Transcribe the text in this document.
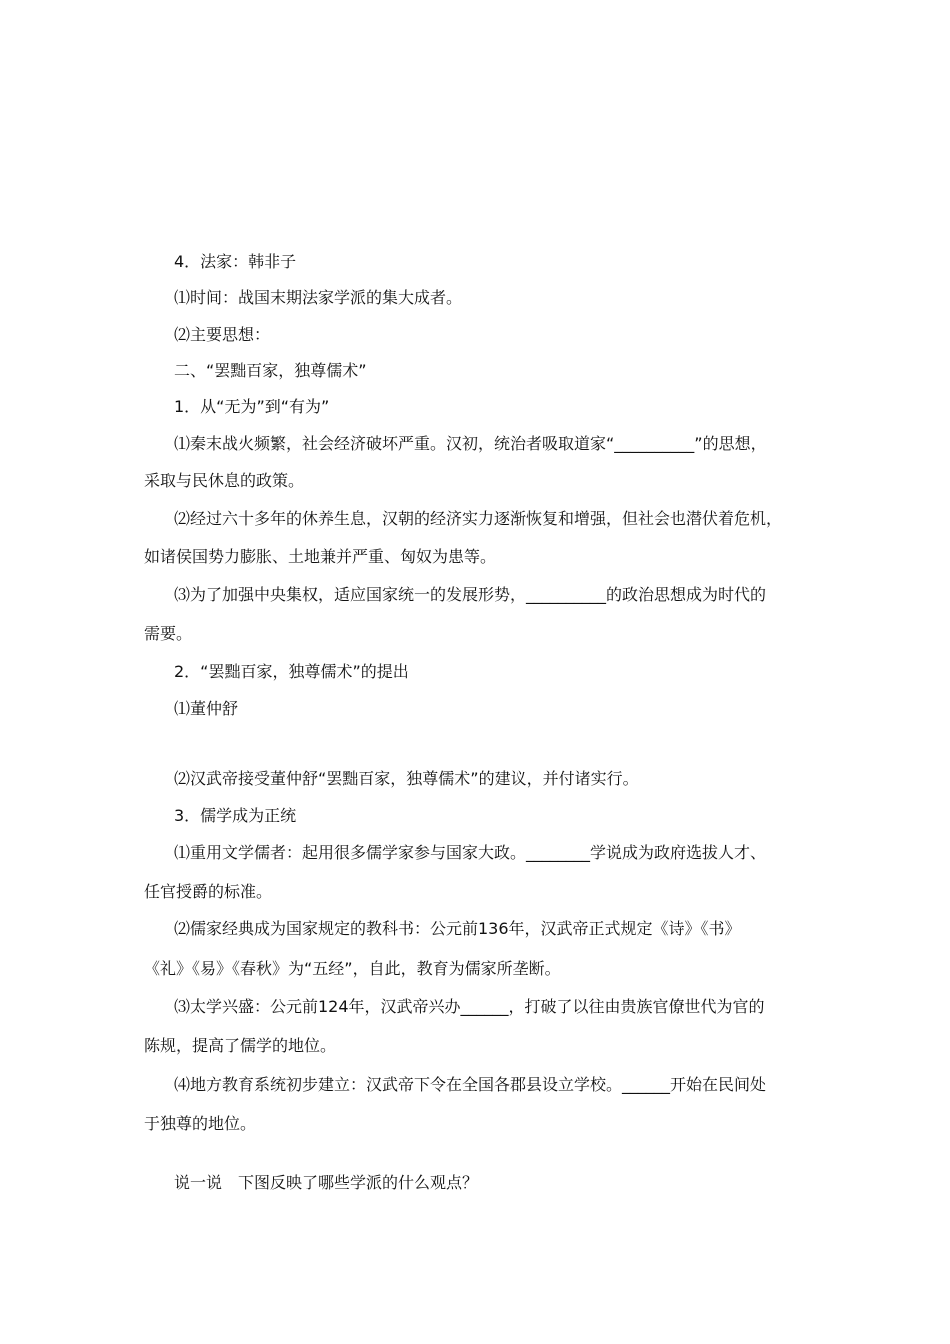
4．法家：韩非子
⑴时间：战国末期法家学派的集大成者。
⑵主要思想：
二、“罢黜百家，独尊儒术”
1．从“无为”到“有为”
⑴秦末战火频繁，社会经济破坏严重。汉初，统治者吸取道家“__________”的思想，
采取与民休息的政策。
⑵经过六十多年的休养生息，汉朝的经济实力逐渐恢复和增强，但社会也潜伏着危机，
如诸侯国势力膨胀、土地兼并严重、匈奴为患等。
⑶为了加强中央集权，适应国家统一的发展形势，__________的政治思想成为时代的
需要。
2．“罢黜百家，独尊儒术”的提出
⑴董仲舒
⑵汉武帝接受董仲舒“罢黜百家，独尊儒术”的建议，并付诸实行。
3．儒学成为正统
⑴重用文学儒者：起用很多儒学家参与国家大政。________学说成为政府选拔人才、
任官授爵的标准。
⑵儒家经典成为国家规定的教科书：公元前136年，汉武帝正式规定《诗》《书》
《礼》《易》《春秋》为“五经”，自此，教育为儒家所垄断。
⑶太学兴盛：公元前124年，汉武帝兴办______，打破了以往由贵族官僚世代为官的
陈规，提高了儒学的地位。
⑷地方教育系统初步建立：汉武帝下令在全国各郡县设立学校。______开始在民间处
于独尊的地位。
说一说　下图反映了哪些学派的什么观点？
